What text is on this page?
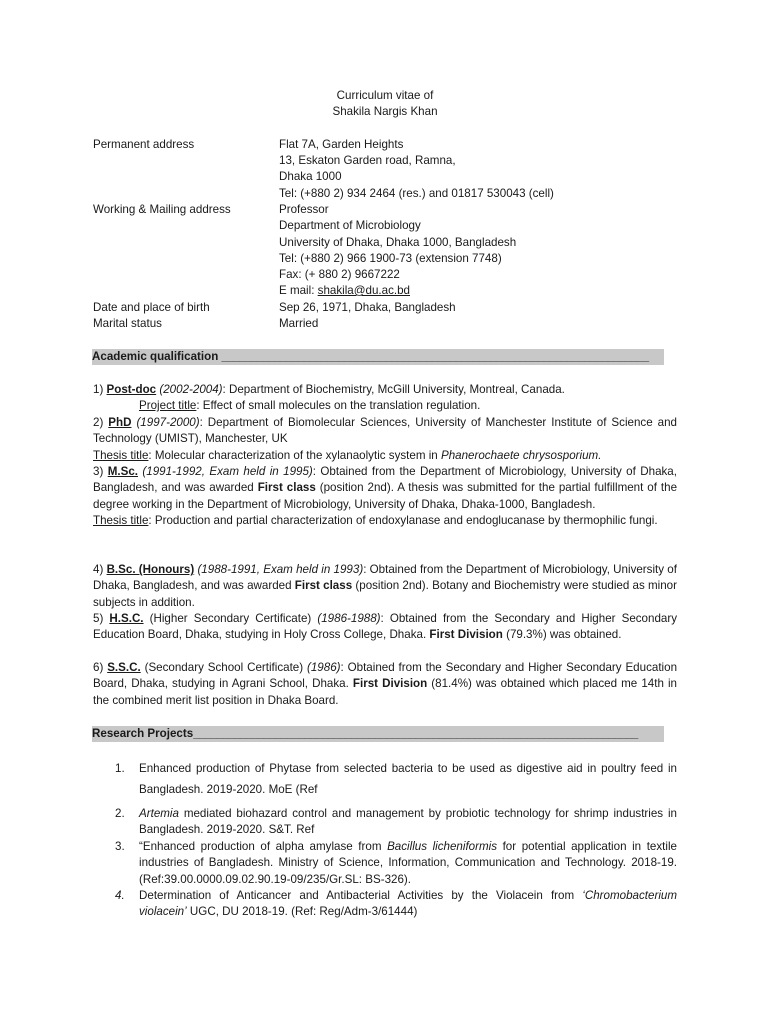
Curriculum vitae of
Shakila Nargis Khan
Permanent address	Flat 7A, Garden Heights
13, Eskaton Garden road, Ramna,
Dhaka 1000
Tel: (+880 2) 934 2464 (res.) and 01817 530043 (cell)
Working & Mailing address	Professor
Department of Microbiology
University of Dhaka, Dhaka 1000, Bangladesh
Tel: (+880 2) 966 1900-73 (extension 7748)
Fax: (+ 880 2) 9667222
E mail: shakila@du.ac.bd
Date and place of birth	Sep 26, 1971, Dhaka, Bangladesh
Marital status	Married
Academic qualification _________________________________________________________________________
1) Post-doc (2002-2004): Department of Biochemistry, McGill University, Montreal, Canada.
Project title: Effect of small molecules on the translation regulation.
2) PhD (1997-2000): Department of Biomolecular Sciences, University of Manchester Institute of Science and Technology (UMIST), Manchester, UK
Thesis title: Molecular characterization of the xylanaolytic system in Phanerochaete chrysosporium.
3) M.Sc. (1991-1992, Exam held in 1995): Obtained from the Department of Microbiology, University of Dhaka, Bangladesh, and was awarded First class (position 2nd). A thesis was submitted for the partial fulfillment of the degree working in the Department of Microbiology, University of Dhaka, Dhaka-1000, Bangladesh.
Thesis title: Production and partial characterization of endoxylanase and endoglucanase by thermophilic fungi.
4) B.Sc. (Honours) (1988-1991, Exam held in 1993): Obtained from the Department of Microbiology, University of Dhaka, Bangladesh, and was awarded First class (position 2nd). Botany and Biochemistry were studied as minor subjects in addition.
5) H.S.C. (Higher Secondary Certificate) (1986-1988): Obtained from the Secondary and Higher Secondary Education Board, Dhaka, studying in Holy Cross College, Dhaka. First Division (79.3%) was obtained.
6) S.S.C. (Secondary School Certificate) (1986): Obtained from the Secondary and Higher Secondary Education Board, Dhaka, studying in Agrani School, Dhaka. First Division (81.4%) was obtained which placed me 14th in the combined merit list position in Dhaka Board.
Research Projects____________________________________________________________________________
1.	Enhanced production of Phytase from selected bacteria to be used as digestive aid in poultry feed in Bangladesh. 2019-2020. MoE (Ref
2.	Artemia mediated biohazard control and management by probiotic technology for shrimp industries in Bangladesh. 2019-2020. S&T. Ref
3.	“Enhanced production of alpha amylase from Bacillus licheniformis for potential application in textile industries of Bangladesh. Ministry of Science, Information, Communication and Technology. 2018-19. (Ref:39.00.0000.09.02.90.19-09/235/Gr.SL: BS-326).
4.	Determination of Anticancer and Antibacterial Activities by the Violacein from ‘Chromobacterium violacein’ UGC, DU 2018-19. (Ref: Reg/Adm-3/61444)
